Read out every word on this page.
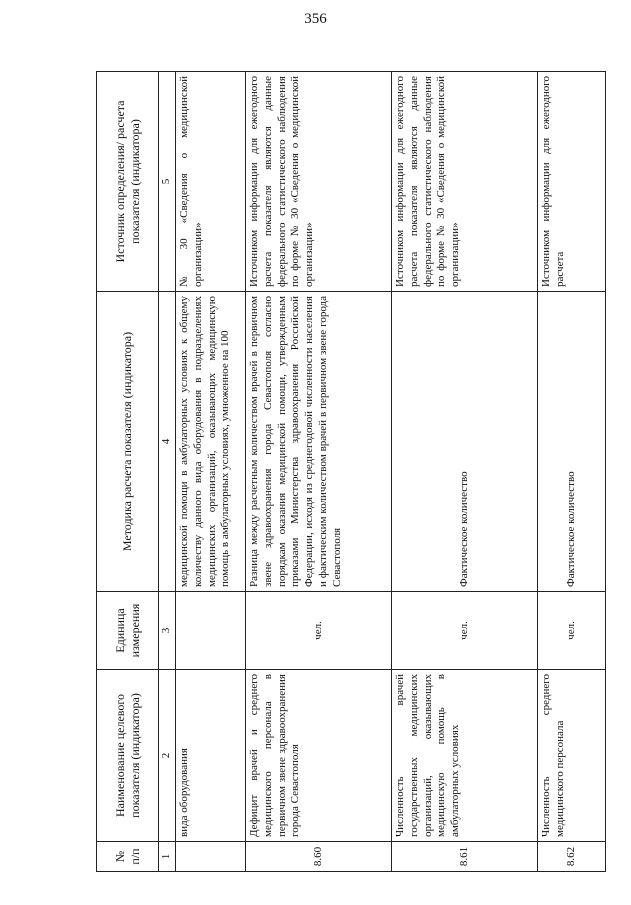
356
№ п/п	Наименование целевого показателя (индикатора)	Единица измерения	Методика расчета показателя (индикатора)	Источник определения/ расчета показателя (индикатора)
1	2	3	4	5
	вида оборудования		медицинской помощи в амбулаторных условиях к общему количеству данного вида оборудования в подразделениях медицинских организаций, оказывающих медицинскую помощь в амбулаторных условиях, умноженное на 100	№ 30 «Сведения о медицинской организации»
8.60	Дефицит врачей и среднего медицинского персонала в первичном звене здравоохранения города Севастополя	чел.	Разница между расчетным количеством врачей в первичном звене здравоохранения города Севастополя согласно порядкам оказания медицинской помощи, утвержденным приказами Министерства здравоохранения Российской Федерации, исходя из среднегодовой численности населения и фактическим количеством врачей в первичном звене города Севастополя	Источником информации для ежегодного расчета показателя являются данные федерального статистического наблюдения по форме № 30 «Сведения о медицинской организации»
8.61	Численность врачей государственных медицинских организаций, оказывающих медицинскую помощь в амбулаторных условиях	чел.	Фактическое количество	Источником информации для ежегодного расчета показателя являются данные федерального статистического наблюдения по форме № 30 «Сведения о медицинской организации»
8.62	Численность среднего медицинского персонала	чел.	Фактическое количество	Источником информации для ежегодного расчета
